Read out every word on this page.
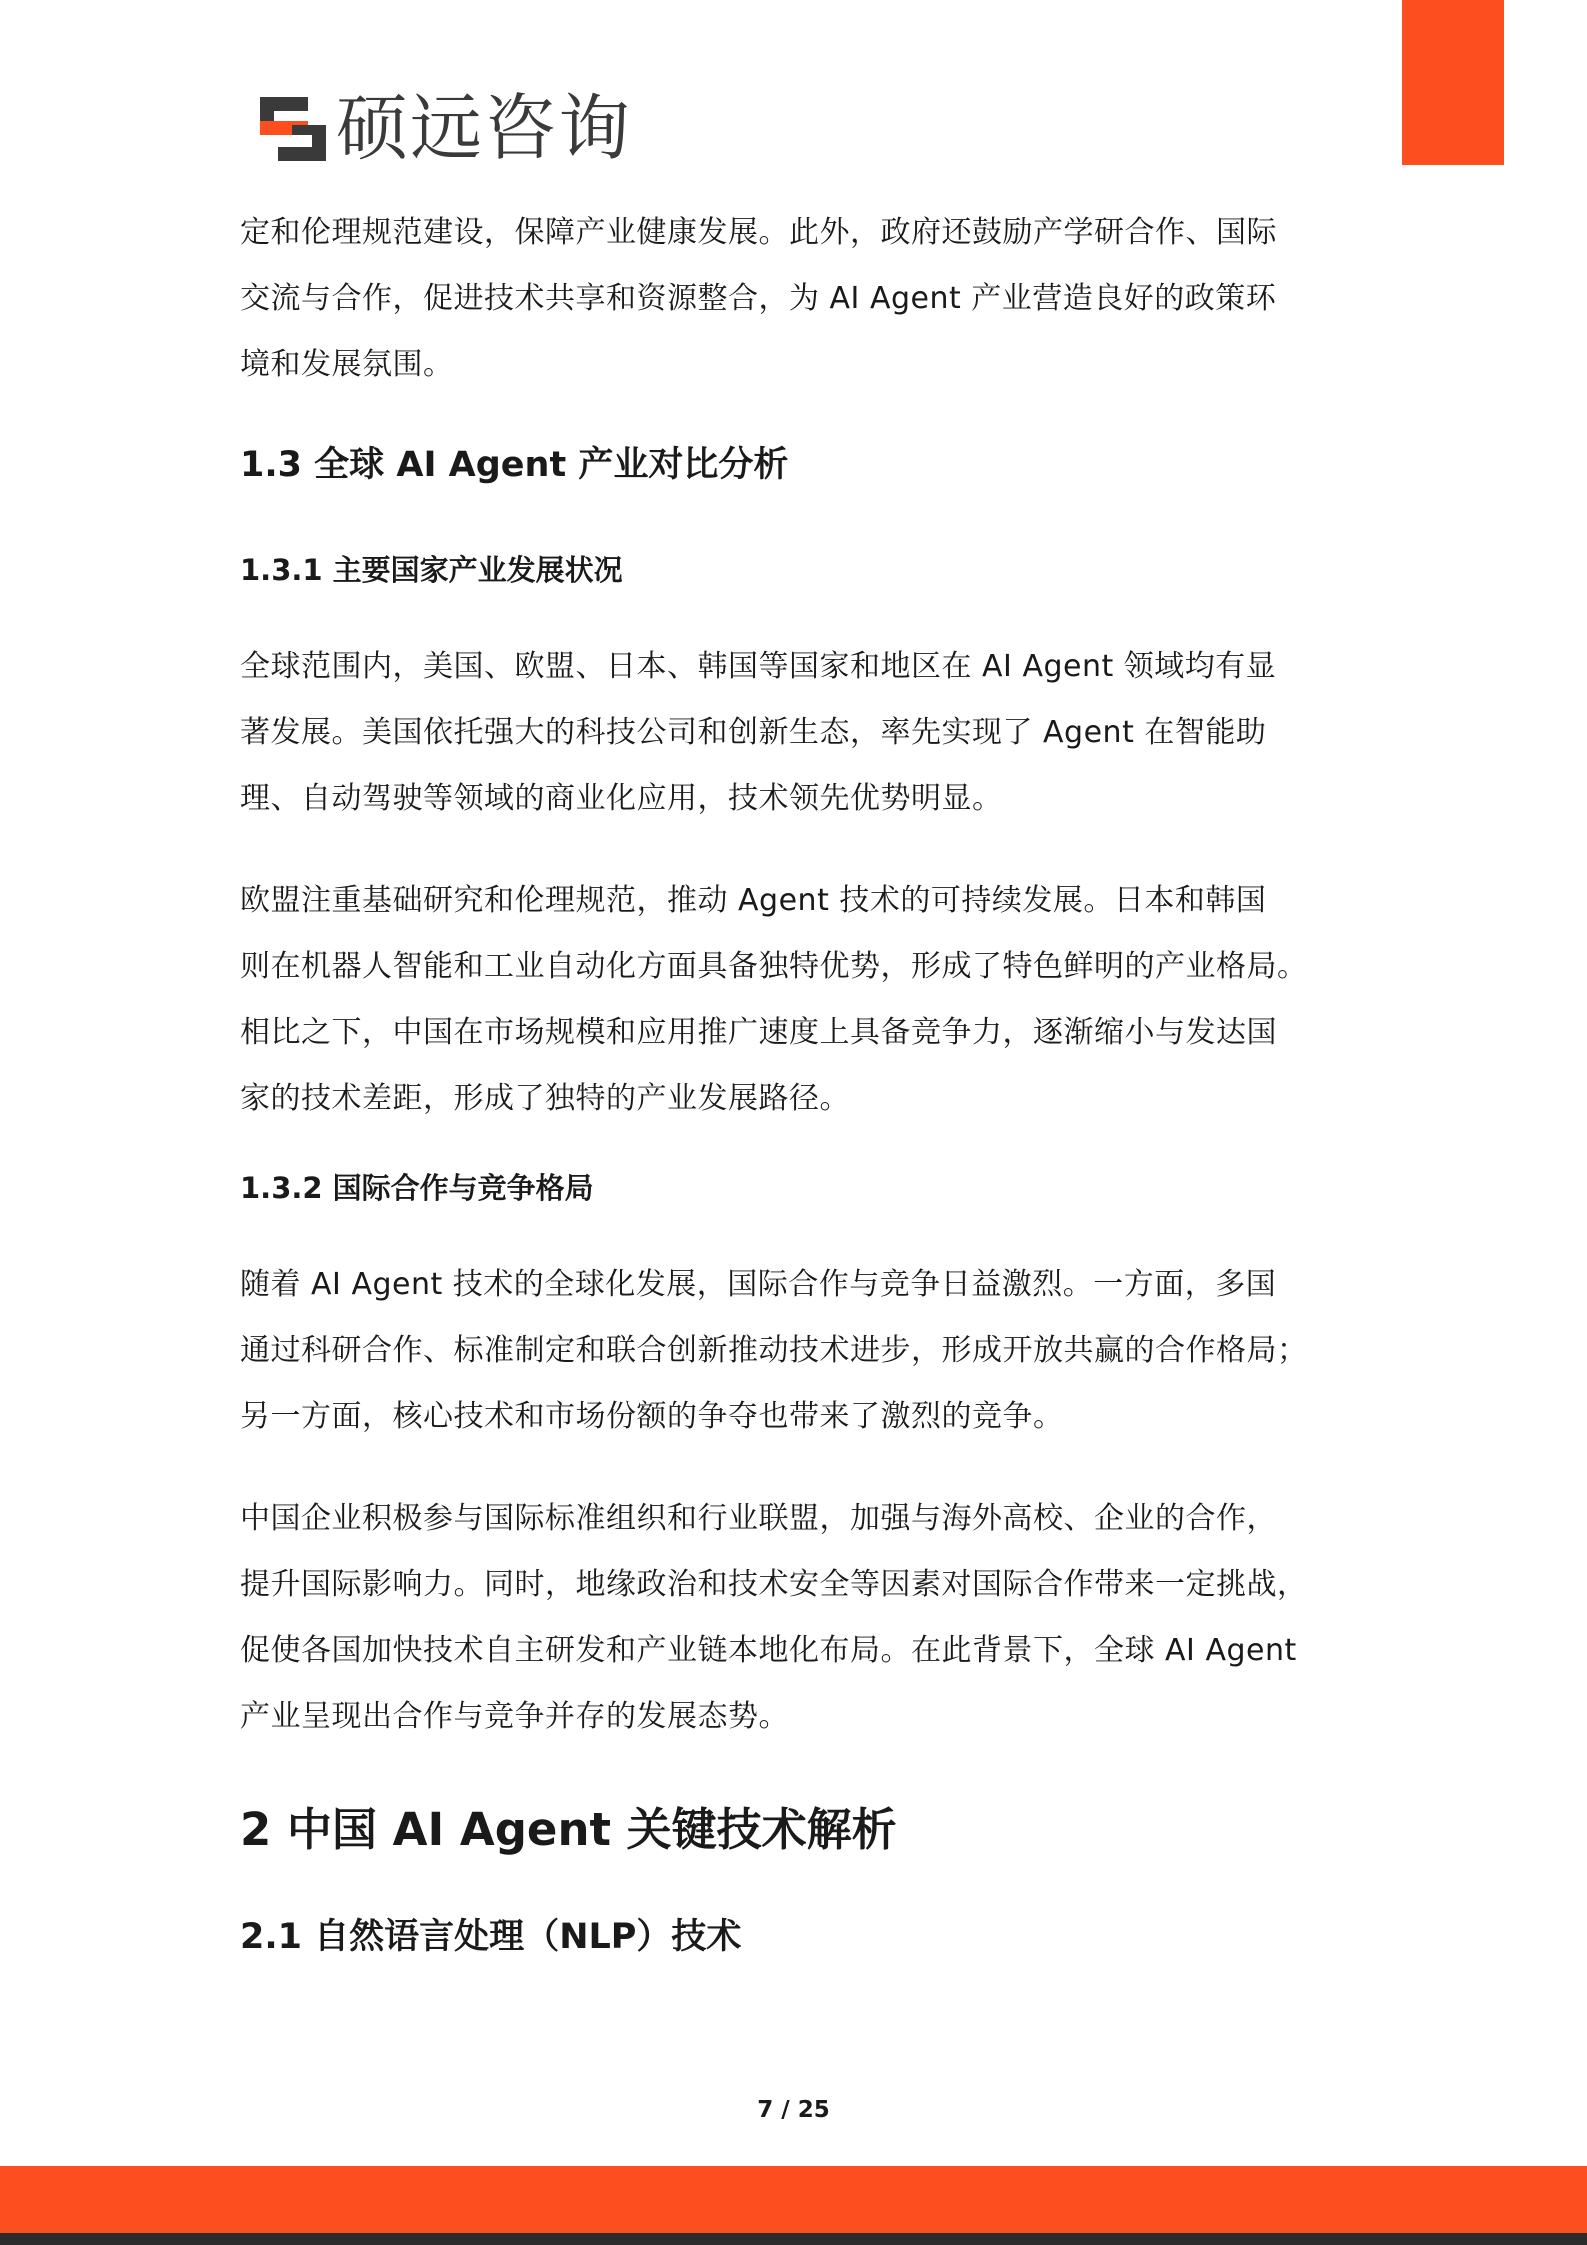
硕远咨询

定和伦理规范建设，保障产业健康发展。此外，政府还鼓励产学研合作、国际

交流与合作，促进技术共享和资源整合，为 AI Agent 产业营造良好的政策环

境和发展氛围。

1.3 全球 AI Agent 产业对比分析
1.3.1 主要国家产业发展状况

全球范围内，美国、欧盟、日本、韩国等国家和地区在 AI Agent 领域均有显

著发展。美国依托强大的科技公司和创新生态，率先实现了 Agent 在智能助

理、自动驾驶等领域的商业化应用，技术领先优势明显。

欧盟注重基础研究和伦理规范，推动 Agent 技术的可持续发展。日本和韩国

则在机器人智能和工业自动化方面具备独特优势，形成了特色鲜明的产业格局。

相比之下，中国在市场规模和应用推广速度上具备竞争力，逐渐缩小与发达国

家的技术差距，形成了独特的产业发展路径。

1.3.2 国际合作与竞争格局

随着 AI Agent 技术的全球化发展，国际合作与竞争日益激烈。一方面，多国

通过科研合作、标准制定和联合创新推动技术进步，形成开放共赢的合作格局；

另一方面，核心技术和市场份额的争夺也带来了激烈的竞争。

中国企业积极参与国际标准组织和行业联盟，加强与海外高校、企业的合作，

提升国际影响力。同时，地缘政治和技术安全等因素对国际合作带来一定挑战，

促使各国加快技术自主研发和产业链本地化布局。在此背景下，全球 AI Agent

产业呈现出合作与竞争并存的发展态势。

2 中国 AI Agent 关键技术解析
2.1 自然语言处理（NLP）技术
7 / 25
